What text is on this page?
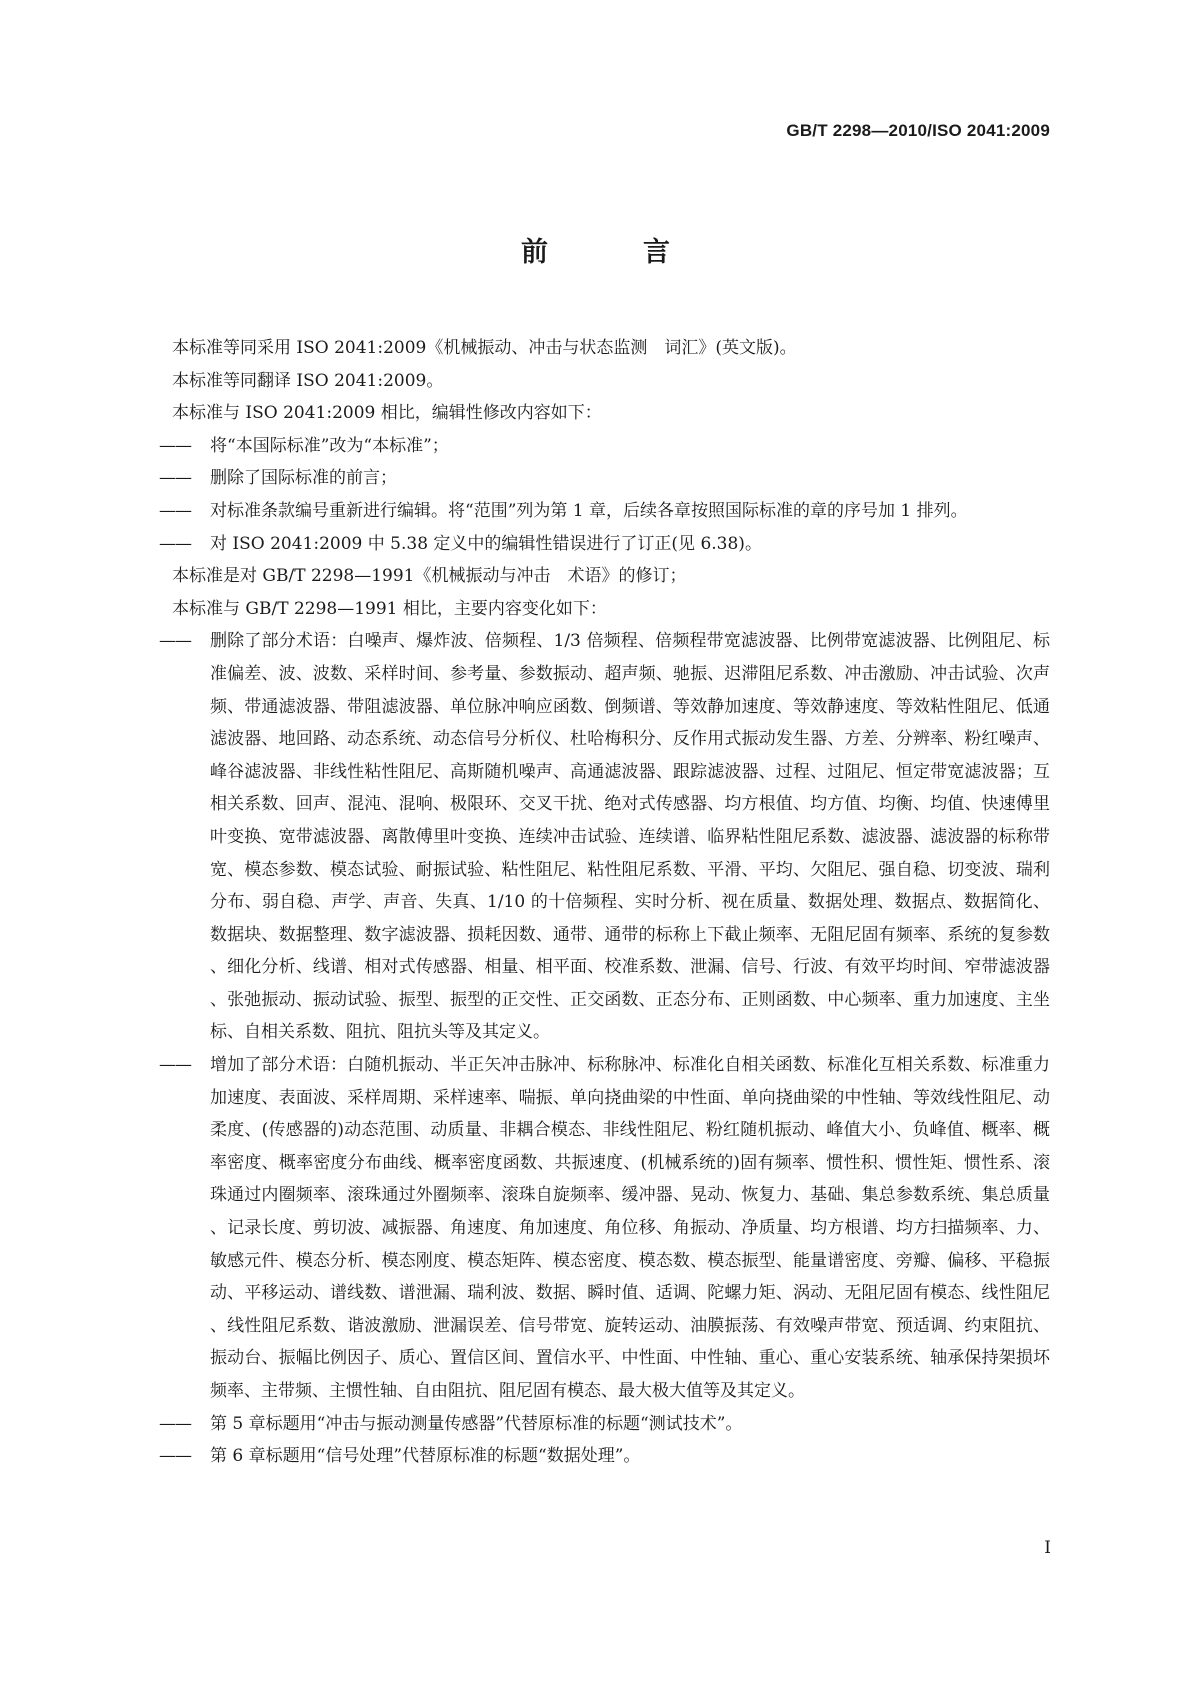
GB/T 2298—2010/ISO 2041:2009
前　言
本标准等同采用 ISO 2041:2009《机械振动、冲击与状态监测　词汇》(英文版)。
本标准等同翻译 ISO 2041:2009。
本标准与 ISO 2041:2009 相比，编辑性修改内容如下：
—— 将“本国际标准”改为“本标准”；
—— 删除了国际标准的前言；
—— 对标准条款编号重新进行编辑。将“范围”列为第 1 章，后续各章按照国际标准的章的序号加 1 排列。
—— 对 ISO 2041:2009 中 5.38 定义中的编辑性错误进行了订正(见 6.38)。
本标准是对 GB/T 2298—1991《机械振动与冲击　术语》的修订；
本标准与 GB/T 2298—1991 相比，主要内容变化如下：
—— 删除了部分术语：白噪声、爆炸波、倍频程、1/3 倍频程、倍频程带宽滤波器、比例带宽滤波器、比例阻尼、标准偏差、波、波数、采样时间、参考量、参数振动、超声频、驰振、迟滞阻尼系数、冲击激励、冲击试验、次声频、带通滤波器、带阻滤波器、单位脉冲响应函数、倒频谱、等效静加速度、等效静速度、等效粘性阻尼、低通滤波器、地回路、动态系统、动态信号分析仪、杜哈梅积分、反作用式振动发生器、方差、分辨率、粉红噪声、峰谷滤波器、非线性粘性阻尼、高斯随机噪声、高通滤波器、跟踪滤波器、过程、过阻尼、恒定带宽滤波器；互相关系数、回声、混沌、混响、极限环、交叉干扰、绝对式传感器、均方根值、均方值、均衡、均值、快速傅里叶变换、宽带滤波器、离散傅里叶变换、连续冲击试验、连续谱、临界粘性阻尼系数、滤波器、滤波器的标称带宽、模态参数、模态试验、耐振试验、粘性阻尼、粘性阻尼系数、平滑、平均、欠阻尼、强自稳、切变波、瑞利分布、弱自稳、声学、声音、失真、1/10 的十倍频程、实时分析、视在质量、数据处理、数据点、数据简化、数据块、数据整理、数字滤波器、损耗因数、通带、通带的标称上下截止频率、无阻尼固有频率、系统的复参数、细化分析、线谱、相对式传感器、相量、相平面、校准系数、泄漏、信号、行波、有效平均时间、窄带滤波器、张弛振动、振动试验、振型、振型的正交性、正交函数、正态分布、正则函数、中心频率、重力加速度、主坐标、自相关系数、阻抗、阻抗头等及其定义。
—— 增加了部分术语：白随机振动、半正矢冲击脉冲、标称脉冲、标准化自相关函数、标准化互相关系数、标准重力加速度、表面波、采样周期、采样速率、喘振、单向挠曲梁的中性面、单向挠曲梁的中性轴、等效线性阻尼、动柔度、(传感器的)动态范围、动质量、非耦合模态、非线性阻尼、粉红随机振动、峰值大小、负峰值、概率、概率密度、概率密度分布曲线、概率密度函数、共振速度、(机械系统的)固有频率、惯性积、惯性矩、惯性系、滚珠通过内圈频率、滚珠通过外圈频率、滚珠自旋频率、缓冲器、晃动、恢复力、基础、集总参数系统、集总质量、记录长度、剪切波、减振器、角速度、角加速度、角位移、角振动、净质量、均方根谱、均方扫描频率、力、敏感元件、模态分析、模态刚度、模态矩阵、模态密度、模态数、模态振型、能量谱密度、旁瓣、偏移、平稳振动、平移运动、谱线数、谱泄漏、瑞利波、数据、瞬时值、适调、陀螺力矩、涡动、无阻尼固有模态、线性阻尼、线性阻尼系数、谐波激励、泄漏误差、信号带宽、旋转运动、油膜振荡、有效噪声带宽、预适调、约束阻抗、振动台、振幅比例因子、质心、置信区间、置信水平、中性面、中性轴、重心、重心安装系统、轴承保持架损坏频率、主带频、主惯性轴、自由阻抗、阻尼固有模态、最大极大值等及其定义。
—— 第 5 章标题用“冲击与振动测量传感器”代替原标准的标题“测试技术”。
—— 第 6 章标题用“信号处理”代替原标准的标题“数据处理”。
I
